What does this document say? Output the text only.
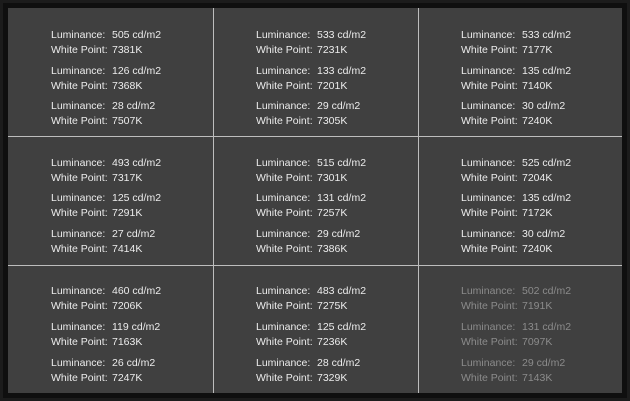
Luminance: 505 cd/m2
White Point: 7381K
Luminance: 126 cd/m2
White Point: 7368K
Luminance: 28 cd/m2
White Point: 7507K
Luminance: 533 cd/m2
White Point: 7231K
Luminance: 133 cd/m2
White Point: 7201K
Luminance: 29 cd/m2
White Point: 7305K
Luminance: 533 cd/m2
White Point: 7177K
Luminance: 135 cd/m2
White Point: 7140K
Luminance: 30 cd/m2
White Point: 7240K
Luminance: 493 cd/m2
White Point: 7317K
Luminance: 125 cd/m2
White Point: 7291K
Luminance: 27 cd/m2
White Point: 7414K
Luminance: 515 cd/m2
White Point: 7301K
Luminance: 131 cd/m2
White Point: 7257K
Luminance: 29 cd/m2
White Point: 7386K
Luminance: 525 cd/m2
White Point: 7204K
Luminance: 135 cd/m2
White Point: 7172K
Luminance: 30 cd/m2
White Point: 7240K
Luminance: 460 cd/m2
White Point: 7206K
Luminance: 119 cd/m2
White Point: 7163K
Luminance: 26 cd/m2
White Point: 7247K
Luminance: 483 cd/m2
White Point: 7275K
Luminance: 125 cd/m2
White Point: 7236K
Luminance: 28 cd/m2
White Point: 7329K
Luminance: 502 cd/m2
White Point: 7191K
Luminance: 131 cd/m2
White Point: 7097K
Luminance: 29 cd/m2
White Point: 7143K
